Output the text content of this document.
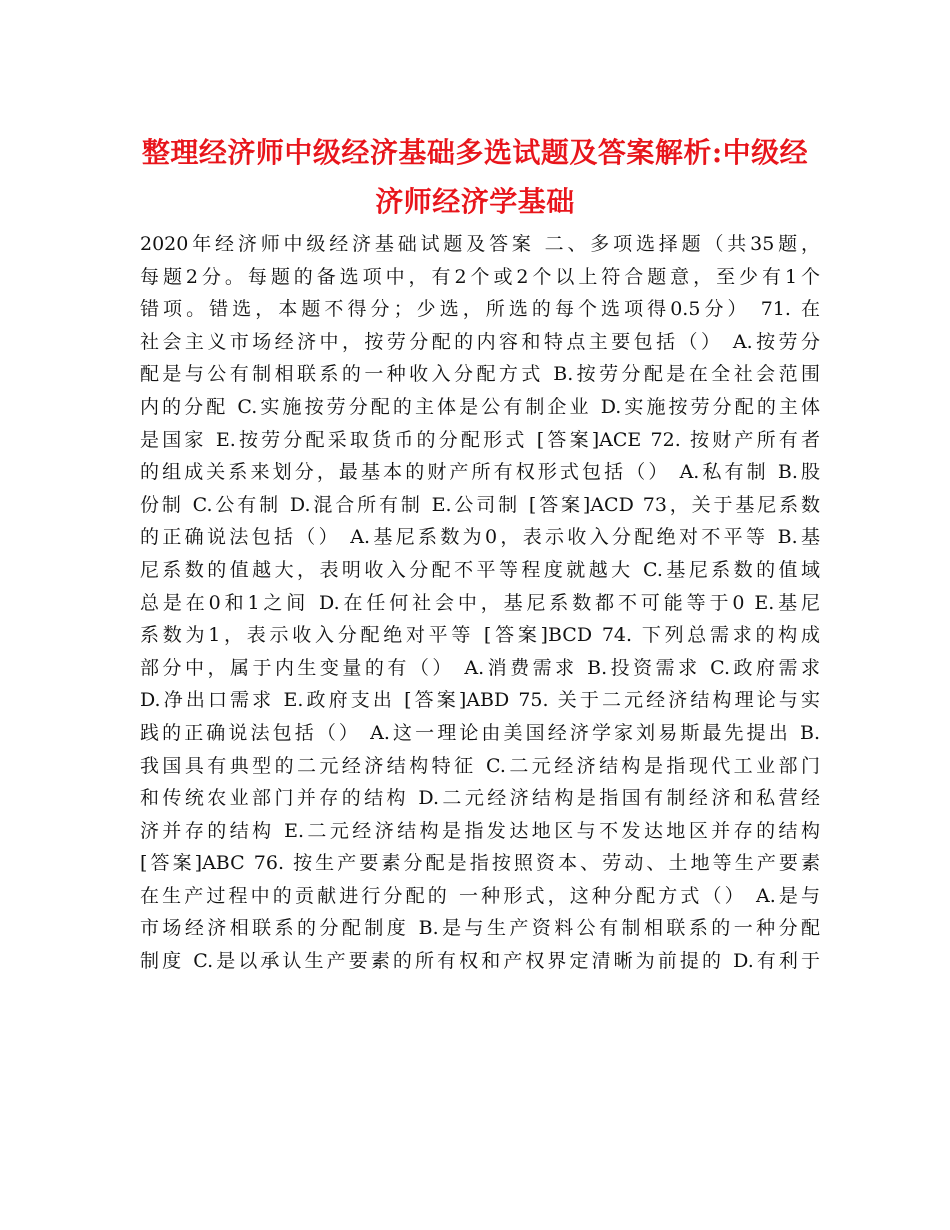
整理经济师中级经济基础多选试题及答案解析:中级经
济师经济学基础
2020年经济师中级经济基础试题及答案 二、多项选择题（共35题，
每题2分。每题的备选项中，有2个或2个以上符合题意，至少有1个
错项。错选，本题不得分；少选，所选的每个选项得0.5分） 71. 在
社会主义市场经济中，按劳分配的内容和特点主要包括（） A.按劳分
配是与公有制相联系的一种收入分配方式 B.按劳分配是在全社会范围
内的分配 C.实施按劳分配的主体是公有制企业 D.实施按劳分配的主体
是国家 E.按劳分配采取货币的分配形式 [答案]ACE 72. 按财产所有者
的组成关系来划分，最基本的财产所有权形式包括（） A.私有制 B.股
份制 C.公有制 D.混合所有制 E.公司制 [答案]ACD 73，关于基尼系数
的正确说法包括（） A.基尼系数为0，表示收入分配绝对不平等 B.基
尼系数的值越大，表明收入分配不平等程度就越大 C.基尼系数的值域
总是在0和1之间 D.在任何社会中，基尼系数都不可能等于0 E.基尼
系数为1，表示收入分配绝对平等 [答案]BCD 74. 下列总需求的构成
部分中，属于内生变量的有（） A.消费需求 B.投资需求 C.政府需求
D.净出口需求 E.政府支出 [答案]ABD 75. 关于二元经济结构理论与实
践的正确说法包括（） A.这一理论由美国经济学家刘易斯最先提出 B.
我国具有典型的二元经济结构特征 C.二元经济结构是指现代工业部门
和传统农业部门并存的结构 D.二元经济结构是指国有制经济和私营经
济并存的结构 E.二元经济结构是指发达地区与不发达地区并存的结构
[答案]ABC 76. 按生产要素分配是指按照资本、劳动、土地等生产要素
在生产过程中的贡献进行分配的 一种形式，这种分配方式（） A.是与
市场经济相联系的分配制度 B.是与生产资料公有制相联系的一种分配
制度 C.是以承认生产要素的所有权和产权界定清晰为前提的 D.有利于
